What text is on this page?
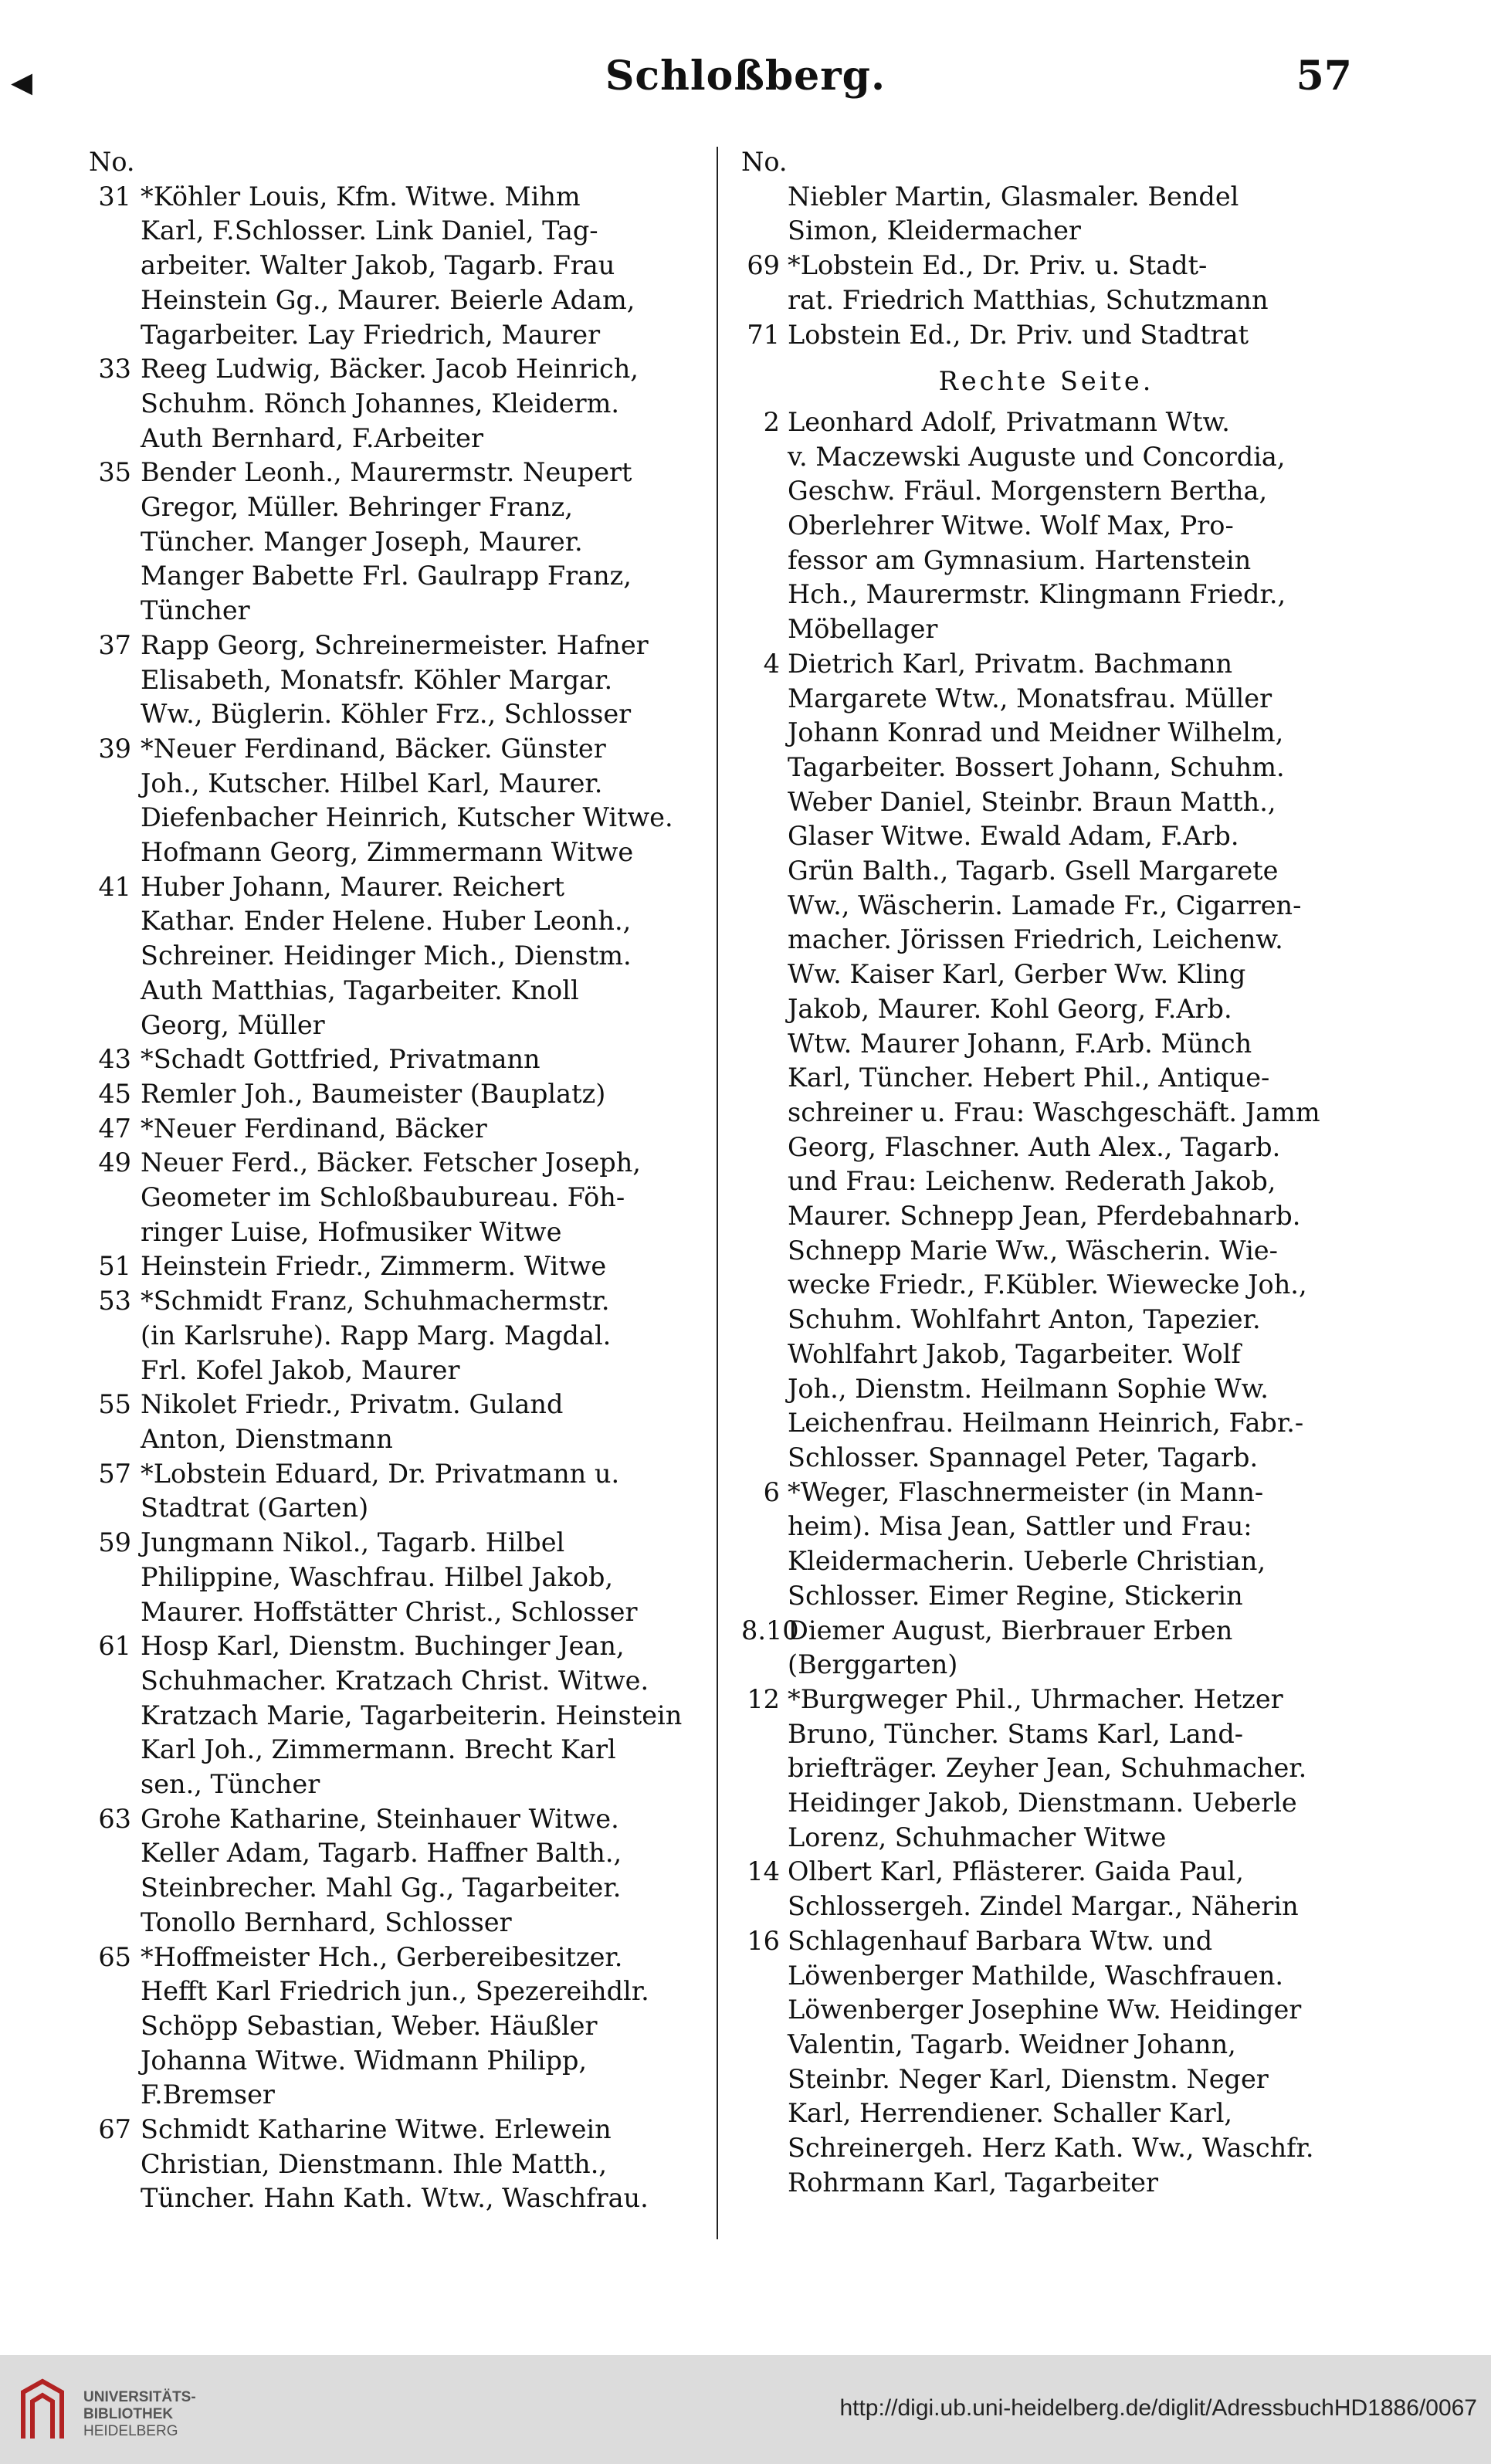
◂	Schloßberg.	57
No.
31 *Köhler Louis, Kfm. Witwe. Mihm
Karl, F.Schlosser. Link Daniel, Tag-
arbeiter. Walter Jakob, Tagarb. Frau
Heinstein Gg., Maurer. Beierle Adam,
Tagarbeiter. Lay Friedrich, Maurer
33 Reeg Ludwig, Bäcker. Jacob Heinrich,
Schuhm. Rönch Johannes, Kleiderm.
Auth Bernhard, F.Arbeiter
35 Bender Leonh., Maurermstr. Neupert
Gregor, Müller. Behringer Franz,
Tüncher. Manger Joseph, Maurer.
Manger Babette Frl. Gaulrapp Franz,
Tüncher
37 Rapp Georg, Schreinermeister. Hafner
Elisabeth, Monatsfr. Köhler Margar.
Ww., Büglerin. Köhler Frz., Schlosser
39 *Neuer Ferdinand, Bäcker. Günster
Joh., Kutscher. Hilbel Karl, Maurer.
Diefenbacher Heinrich, Kutscher Witwe.
Hofmann Georg, Zimmermann Witwe
41 Huber Johann, Maurer. Reichert
Kathar. Ender Helene. Huber Leonh.,
Schreiner. Heidinger Mich., Dienstm.
Auth Matthias, Tagarbeiter. Knoll
Georg, Müller
43 *Schadt Gottfried, Privatmann
45 Remler Joh., Baumeister (Bauplatz)
47 *Neuer Ferdinand, Bäcker
49 Neuer Ferd., Bäcker. Fetscher Joseph,
Geometer im Schloßbaubureau. Föh-
ringer Luise, Hofmusiker Witwe
51 Heinstein Friedr., Zimmerm. Witwe
53 *Schmidt Franz, Schuhmachermstr.
(in Karlsruhe). Rapp Marg. Magdal.
Frl. Kofel Jakob, Maurer
55 Nikolet Friedr., Privatm. Guland
Anton, Dienstmann
57 *Lobstein Eduard, Dr. Privatmann u.
Stadtrat (Garten)
59 Jungmann Nikol., Tagarb. Hilbel
Philippine, Waschfrau. Hilbel Jakob,
Maurer. Hoffstätter Christ., Schlosser
61 Hosp Karl, Dienstm. Buchinger Jean,
Schuhmacher. Kratzach Christ. Witwe.
Kratzach Marie, Tagarbeiterin. Heinstein
Karl Joh., Zimmermann. Brecht Karl
sen., Tüncher
63 Grohe Katharine, Steinhauer Witwe.
Keller Adam, Tagarb. Haffner Balth.,
Steinbrecher. Mahl Gg., Tagarbeiter.
Tonollo Bernhard, Schlosser
65 *Hoffmeister Hch., Gerbereibesitzer.
Hefft Karl Friedrich jun., Spezereihdlr.
Schöpp Sebastian, Weber. Häußler
Johanna Witwe. Widmann Philipp,
F.Bremser
67 Schmidt Katharine Witwe. Erlewein
Christian, Dienstmann. Ihle Matth.,
Tüncher. Hahn Kath. Wtw., Waschfrau.
No.
Niebler Martin, Glasmaler. Bendel
Simon, Kleidermacher
69 *Lobstein Ed., Dr. Priv. u. Stadt-
rat. Friedrich Matthias, Schutzmann
71 Lobstein Ed., Dr. Priv. und Stadtrat
Rechte Seite.
2 Leonhard Adolf, Privatmann Wtw.
v. Maczewski Auguste und Concordia,
Geschw. Fräul. Morgenstern Bertha,
Oberlehrer Witwe. Wolf Max, Pro-
fessor am Gymnasium. Hartenstein
Hch., Maurermstr. Klingmann Friedr.,
Möbellager
4 Dietrich Karl, Privatm. Bachmann
Margarete Wtw., Monatsfrau. Müller
Johann Konrad und Meidner Wilhelm,
Tagarbeiter. Bossert Johann, Schuhm.
Weber Daniel, Steinbr. Braun Matth.,
Glaser Witwe. Ewald Adam, F.Arb.
Grün Balth., Tagarb. Gsell Margarete
Ww., Wäscherin. Lamade Fr., Cigarren-
macher. Jörissen Friedrich, Leichenw.
Ww. Kaiser Karl, Gerber Ww. Kling
Jakob, Maurer. Kohl Georg, F.Arb.
Wtw. Maurer Johann, F.Arb. Münch
Karl, Tüncher. Hebert Phil., Antique-
schreiner u. Frau: Waschgeschäft. Jamm
Georg, Flaschner. Auth Alex., Tagarb.
und Frau: Leichenw. Rederath Jakob,
Maurer. Schnepp Jean, Pferdebahnarb.
Schnepp Marie Ww., Wäscherin. Wie-
wecke Friedr., F.Kübler. Wiewecke Joh.,
Schuhm. Wohlfahrt Anton, Tapezier.
Wohlfahrt Jakob, Tagarbeiter. Wolf
Joh., Dienstm. Heilmann Sophie Ww.
Leichenfrau. Heilmann Heinrich, Fabr.-
Schlosser. Spannagel Peter, Tagarb.
6 *Weger, Flaschnermeister (in Mann-
heim). Misa Jean, Sattler und Frau:
Kleidermacherin. Ueberle Christian,
Schlosser. Eimer Regine, Stickerin
8.10
Diemer August, Bierbrauer Erben
(Berggarten)
12 *Burgweger Phil., Uhrmacher. Hetzer
Bruno, Tüncher. Stams Karl, Land-
briefträger. Zeyher Jean, Schuhmacher.
Heidinger Jakob, Dienstmann. Ueberle
Lorenz, Schuhmacher Witwe
14 Olbert Karl, Pflästerer. Gaida Paul,
Schlossergeh. Zindel Margar., Näherin
16 Schlagenhauf Barbara Wtw. und
Löwenberger Mathilde, Waschfrauen.
Löwenberger Josephine Ww. Heidinger
Valentin, Tagarb. Weidner Johann,
Steinbr. Neger Karl, Dienstm. Neger
Karl, Herrendiener. Schaller Karl,
Schreinergeh. Herz Kath. Ww., Waschfr.
Rohrmann Karl, Tagarbeiter
UNIVERSITÄTS-
BIBLIOTHEK
HEIDELBERG
http://digi.ub.uni-heidelberg.de/diglit/AdressbuchHD1886/0067
